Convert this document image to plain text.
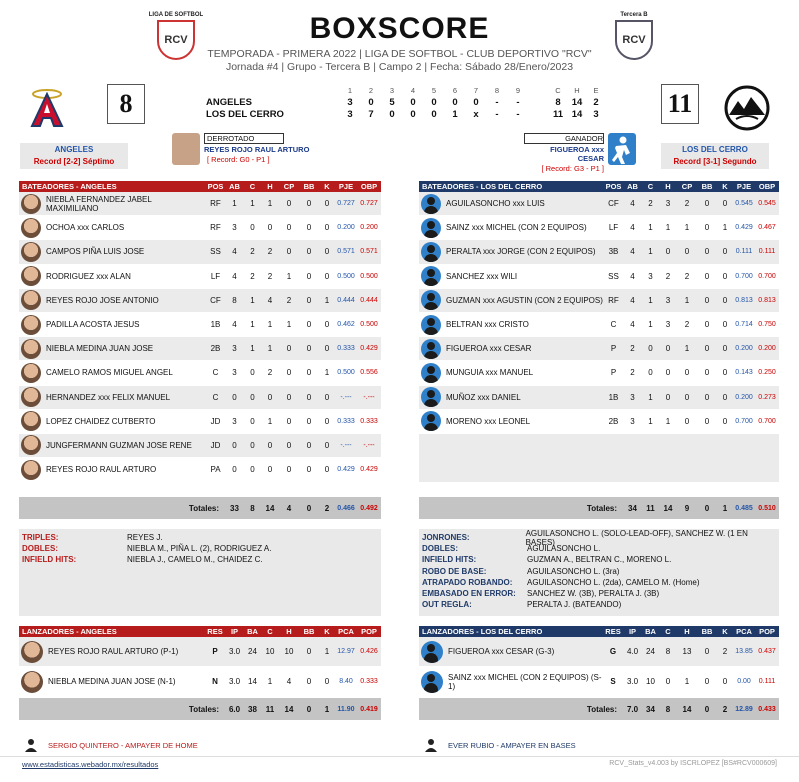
LIGA DE SOFTBOL
RCV
Tercera B
RCV
BOXSCORE
TEMPORADA - PRIMERA 2022 | LIGA DE SOFTBOL - CLUB DEPORTIVO "RCV"
Jornada #4 | Grupo - Tercera B | Campo 2 | Fecha: Sábado 28/Enero/2023
8	11
1	2	3	4	5	6	7	8	9	C	H	E
ANGELES	3	0	5	0	0	0	0	-	-	8	14	2
LOS DEL CERRO	3	7	0	0	0	1	x	-	-	11 14	3
ANGELES
Record [2-2] Séptimo
LOS DEL CERRO
Record [3-1] Segundo
DERROTADO
REYES ROJO RAUL ARTURO
[ Record: G0 - P1 ]
GANADOR
FIGUEROA xxx CESAR
[ Record: G3 - P1 ]
BATEADORES - ANGELES	POS AB	C	H	CP	BB	K	PJE	OBP
NIEBLA FERNANDEZ JABEL MAXIMILIANO	RF	1	1	1	0	0	0	0.727 0.727
OCHOA xxx CARLOS	RF	3	0	0	0	0	0	0.200 0.200
CAMPOS PIÑA LUIS JOSE	SS	4	2	2	0	0	0	0.571 0.571
RODRIGUEZ xxx ALAN	LF	4	2	2	1	0	0	0.500 0.500
REYES ROJO JOSE ANTONIO	CF	8	1	4	2	0	1	0.444 0.444
PADILLA ACOSTA JESUS	1B	4	1	1	1	0	0	0.462 0.500
NIEBLA MEDINA JUAN JOSE	2B	3	1	1	0	0	0	0.333 0.429
CAMELO RAMOS MIGUEL ANGEL	C	3	0	2	0	0	1	0.500 0.556
HERNANDEZ xxx FELIX MANUEL	C	0	0	0	0	0	0	-.---	-.---
LOPEZ CHAIDEZ CUTBERTO	JD	3	0	1	0	0	0	0.333 0.333
JUNGFERMANN GUZMAN JOSE RENE	JD	0	0	0	0	0	0	-.---	-.---
REYES ROJO RAUL ARTURO	PA	0	0	0	0	0	0	0.429 0.429
Totales:	33	8	14	4	0	2	0.466 0.492
BATEADORES - LOS DEL CERRO	POS AB	C	H	CP	BB	K	PJE	OBP
AGUILASONCHO xxx LUIS	CF	4	2	3	2	0	0	0.545 0.545
SAINZ xxx MICHEL (CON 2 EQUIPOS)	LF	4	1	1	1	0	1	0.429 0.467
PERALTA xxx JORGE (CON 2 EQUIPOS)	3B	4	1	0	0	0	0	0.111 0.111
SANCHEZ xxx WILI	SS	4	3	2	2	0	0	0.700 0.700
GUZMAN xxx AGUSTIN (CON 2 EQUIPOS) RF	4	1	3	1	0	0	0.813 0.813
BELTRAN xxx CRISTO	C	4	1	3	2	0	0	0.714 0.750
FIGUEROA xxx CESAR	P	2	0	0	1	0	0	0.200 0.200
MUNGUIA xxx MANUEL	P	2	0	0	0	0	0	0.143 0.250
MUÑOZ xxx DANIEL	1B	3	1	0	0	0	0	0.200 0.273
MORENO xxx LEONEL	2B	3	1	1	0	0	0	0.700 0.700
Totales:	34	11	14	9	0	1	0.485 0.510
TRIPLES:	REYES J.
DOBLES:	NIEBLA M., PIÑA L. (2), RODRIGUEZ A.
INFIELD HITS:	NIEBLA J., CAMELO M., CHAIDEZ C.
JONRONES:	AGUILASONCHO L. (SOLO-LEAD-OFF), SANCHEZ W. (1 EN BASES)
DOBLES:	AGUILASONCHO L.
INFIELD HITS:	GUZMAN A., BELTRAN C., MORENO L.
ROBO DE BASE:	AGUILASONCHO L. (3ra)
ATRAPADO ROBANDO:	AGUILASONCHO L. (2da), CAMELO M. (Home)
EMBASADO EN ERROR:	SANCHEZ W. (3B), PERALTA J. (3B)
OUT REGLA:	PERALTA J. (BATEANDO)
LANZADORES - ANGELES	RES	IP	BA	C	H	BB	K	PCA POP
REYES ROJO RAUL ARTURO (P-1)	P	3.0 24	10	10	0	1	12.97 0.426
NIEBLA MEDINA JUAN JOSE (N-1)	N	3.0 14	1	4	0	0	8.40	0.333
Totales:	6.0 38	11	14	0	1	11.90 0.419
LANZADORES - LOS DEL CERRO	RES	IP	BA	C	H	BB	K	PCA POP
FIGUEROA xxx CESAR (G-3)	G	4.0 24	8	13	0	2	13.85 0.437
SAINZ xxx MICHEL (CON 2 EQUIPOS) (S-1)	S	3.0 10	0	1	0	0	0.00	0.111
Totales:	7.0 34	8	14	0	2	12.89 0.433
SERGIO QUINTERO - AMPAYER DE HOME	EVER RUBIO - AMPAYER EN BASES
www.estadisticas.webador.mx/resultados	RCV_Stats_v4.003 by ISCRLOPEZ [BS#RCV000609]
